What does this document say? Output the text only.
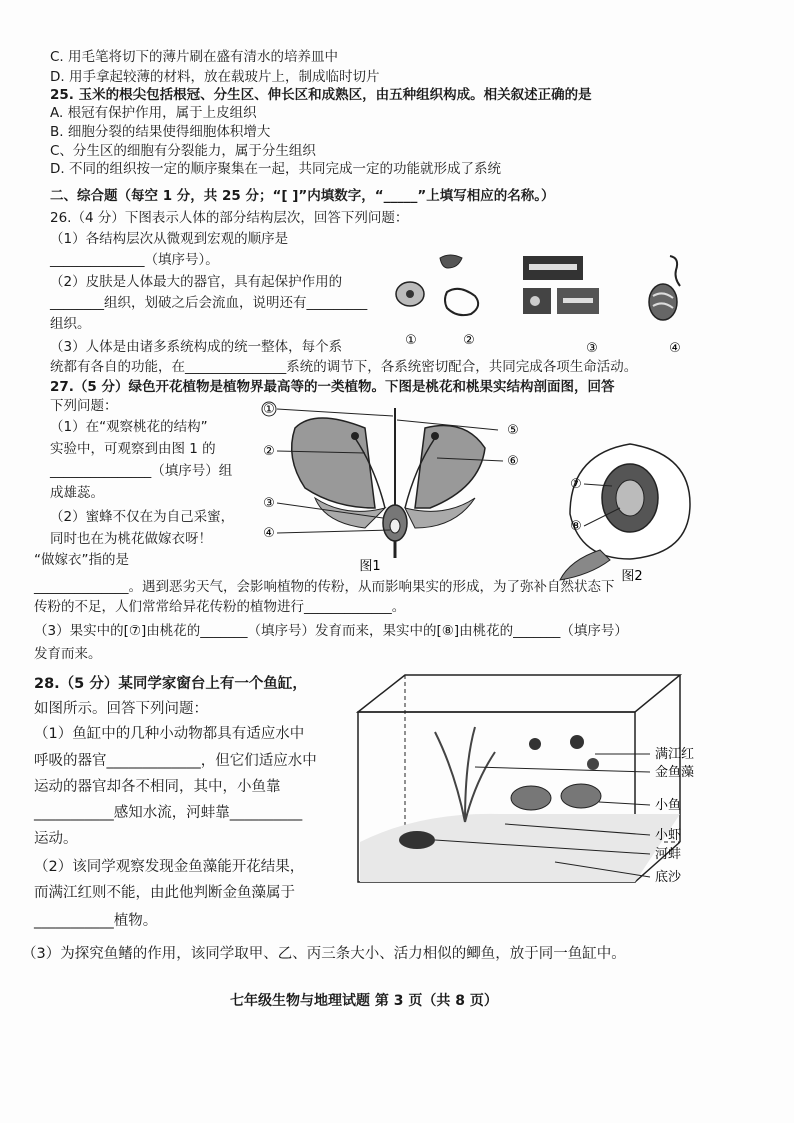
C. 用毛笔将切下的薄片刷在盛有清水的培养皿中
D. 用手拿起较薄的材料，放在载玻片上，制成临时切片
25. 玉米的根尖包括根冠、分生区、伸长区和成熟区，由五种组织构成。相关叙述正确的是
A. 根冠有保护作用，属于上皮组织
B. 细胞分裂的结果使得细胞体积增大
C、分生区的细胞有分裂能力，属于分生组织
D. 不同的组织按一定的顺序聚集在一起，共同完成一定的功能就形成了系统
二、综合题（每空 1 分，共 25 分；“[ ]”内填数字，“_____”上填写相应的名称。）
26.（4 分）下图表示人体的部分结构层次，回答下列问题：
（1）各结构层次从微观到宏观的顺序是
______________（填序号）。
（2）皮肤是人体最大的器官，具有起保护作用的
________组织，划破之后会流血，说明还有_________
组织。
（3）人体是由诸多系统构成的统一整体，每个系
统都有各自的功能，在_______________系统的调节下，各系统密切配合，共同完成各项生命活动。
27.（5 分）绿色开花植物是植物界最高等的一类植物。下图是桃花和桃果实结构剖面图，回答
下列问题：
（1）在“观察桃花的结构”
实验中，可观察到由图 1 的
_______________（填序号）组
成雄蕊。
（2）蜜蜂不仅在为自己采蜜，
同时也在为桃花做嫁衣呀！
“做嫁衣”指的是
______________。遇到恶劣天气，会影响植物的传粉，从而影响果实的形成，为了弥补自然状态下
传粉的不足，人们常常给异花传粉的植物进行_____________。
（3）果实中的[⑦]由桃花的_______（填序号）发育而来，果实中的[⑧]由桃花的_______（填序号）
发育而来。
28.（5 分）某同学家窗台上有一个鱼缸，
如图所示。回答下列问题：
（1）鱼缸中的几种小动物都具有适应水中
呼吸的器官_____________，但它们适应水中
运动的器官却各不相同，其中，小鱼靠
___________感知水流，河蚌靠__________
运动。
（2）该同学观察发现金鱼藻能开花结果，
而满江红则不能，由此他判断金鱼藻属于
___________植物。
（3）为探究鱼鳍的作用，该同学取甲、乙、丙三条大小、活力相似的鲫鱼，放于同一鱼缸中。
七年级生物与地理试题 第 3 页（共 8 页）
①	②
③	④
①
②
③
④
⑤
⑥
图1
⑦
⑧
图2
满江红
金鱼藻
小鱼
小虾
河蚌
底沙
